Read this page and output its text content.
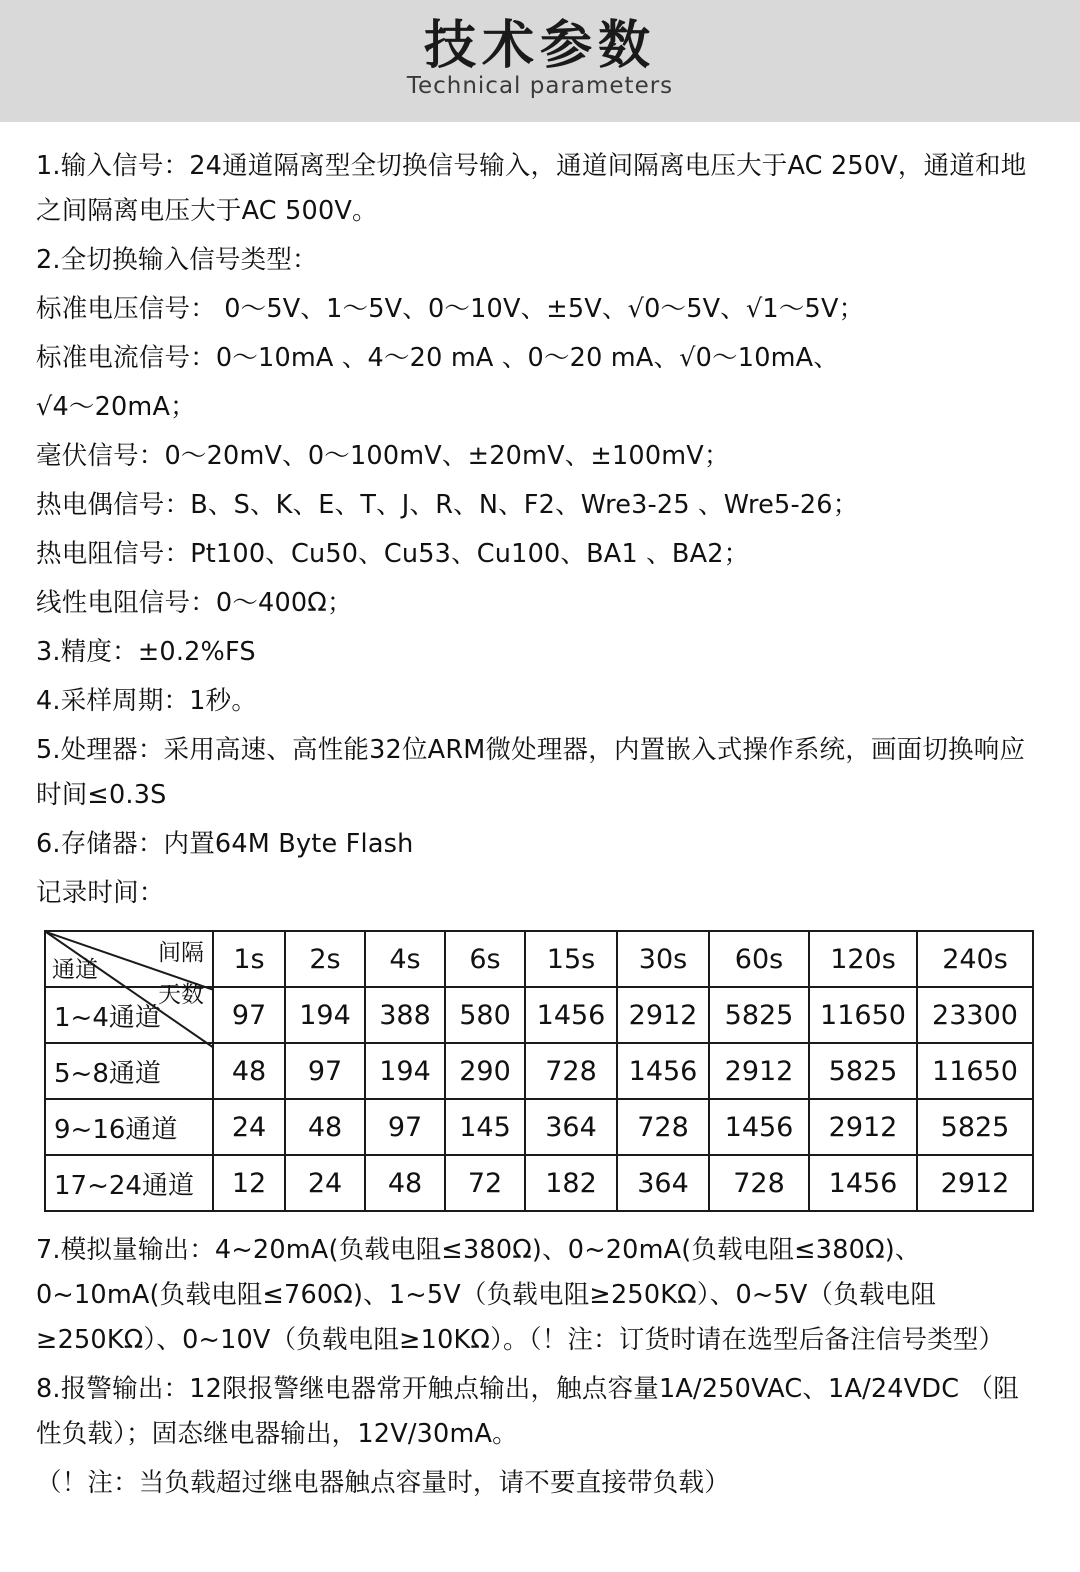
技术参数
Technical parameters

1.输入信号：24通道隔离型全切换信号输入，通道间隔离电压大于AC 250V，通道和地之间隔离电压大于AC 500V。

2.全切换输入信号类型：

标准电压信号： 0〜5V、1〜5V、0〜10V、±5V、√0〜5V、√1〜5V；

标准电流信号：0〜10mA 、4〜20 mA 、0〜20 mA、√0〜10mA、

√4〜20mA；

毫伏信号：0〜20mV、0〜100mV、±20mV、±100mV；

热电偶信号：B、S、K、E、T、J、R、N、F2、Wre3-25 、Wre5-26；

热电阻信号：Pt100、Cu50、Cu53、Cu100、BA1 、BA2；

线性电阻信号：0〜400Ω；

3.精度：±0.2%FS

4.采样周期：1秒。

5.处理器：采用高速、高性能32位ARM微处理器，内置嵌入式操作系统，画面切换响应时间≤0.3S

6.存储器：内置64M Byte Flash

记录时间：

间隔
天数
通道	1s	2s	4s	6s	15s	30s	60s	120s	240s
1~4通道	97	194	388	580	1456	2912	5825	11650	23300
5~8通道	48	97	194	290	728	1456	2912	5825	11650
9~16通道	24	48	97	145	364	728	1456	2912	5825
17~24通道	12	24	48	72	182	364	728	1456	2912

7.模拟量输出：4~20mA(负载电阻≤380Ω)、0~20mA(负载电阻≤380Ω)、0~10mA(负载电阻≤760Ω)、1~5V（负载电阻≥250KΩ）、0~5V（负载电阻≥250KΩ）、0~10V（负载电阻≥10KΩ）。（！注：订货时请在选型后备注信号类型）

8.报警输出：12限报警继电器常开触点输出，触点容量1A/250VAC、1A/24VDC （阻性负载）；固态继电器输出，12V/30mA。

（！注：当负载超过继电器触点容量时，请不要直接带负载）
